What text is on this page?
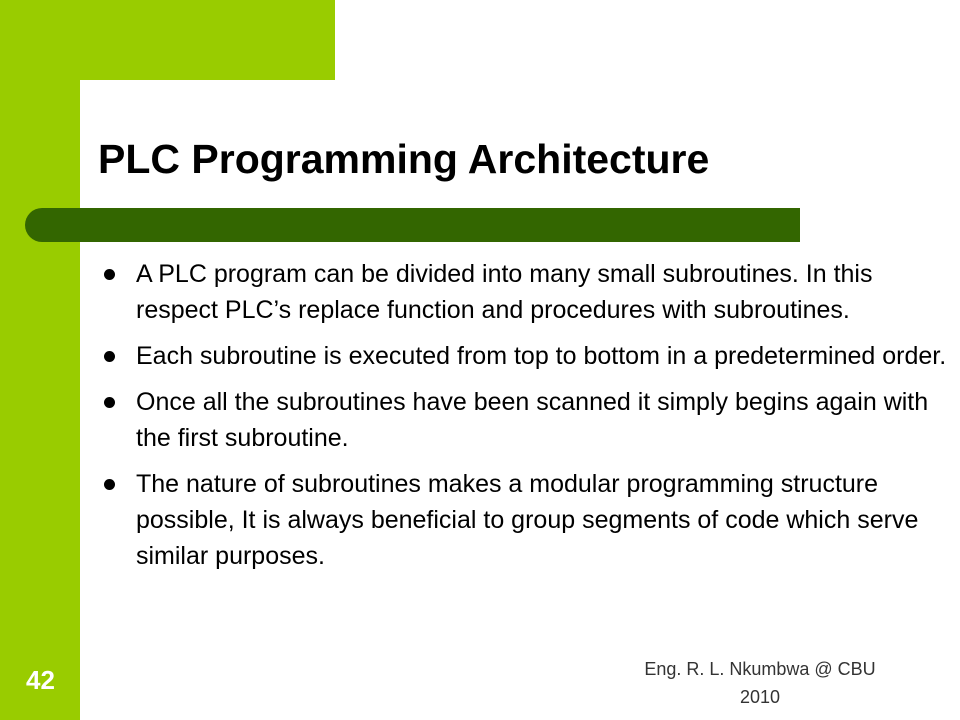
PLC Programming Architecture
A PLC program can be divided into many small subroutines. In this respect PLC’s replace function and procedures with subroutines.
Each subroutine is executed from top to bottom in a predetermined order.
Once all the subroutines have been scanned it simply begins again with the first subroutine.
The nature of subroutines makes a modular programming structure possible, It is always beneficial to group segments of code which serve similar purposes.
42	Eng. R. L. Nkumbwa @ CBU
2010
